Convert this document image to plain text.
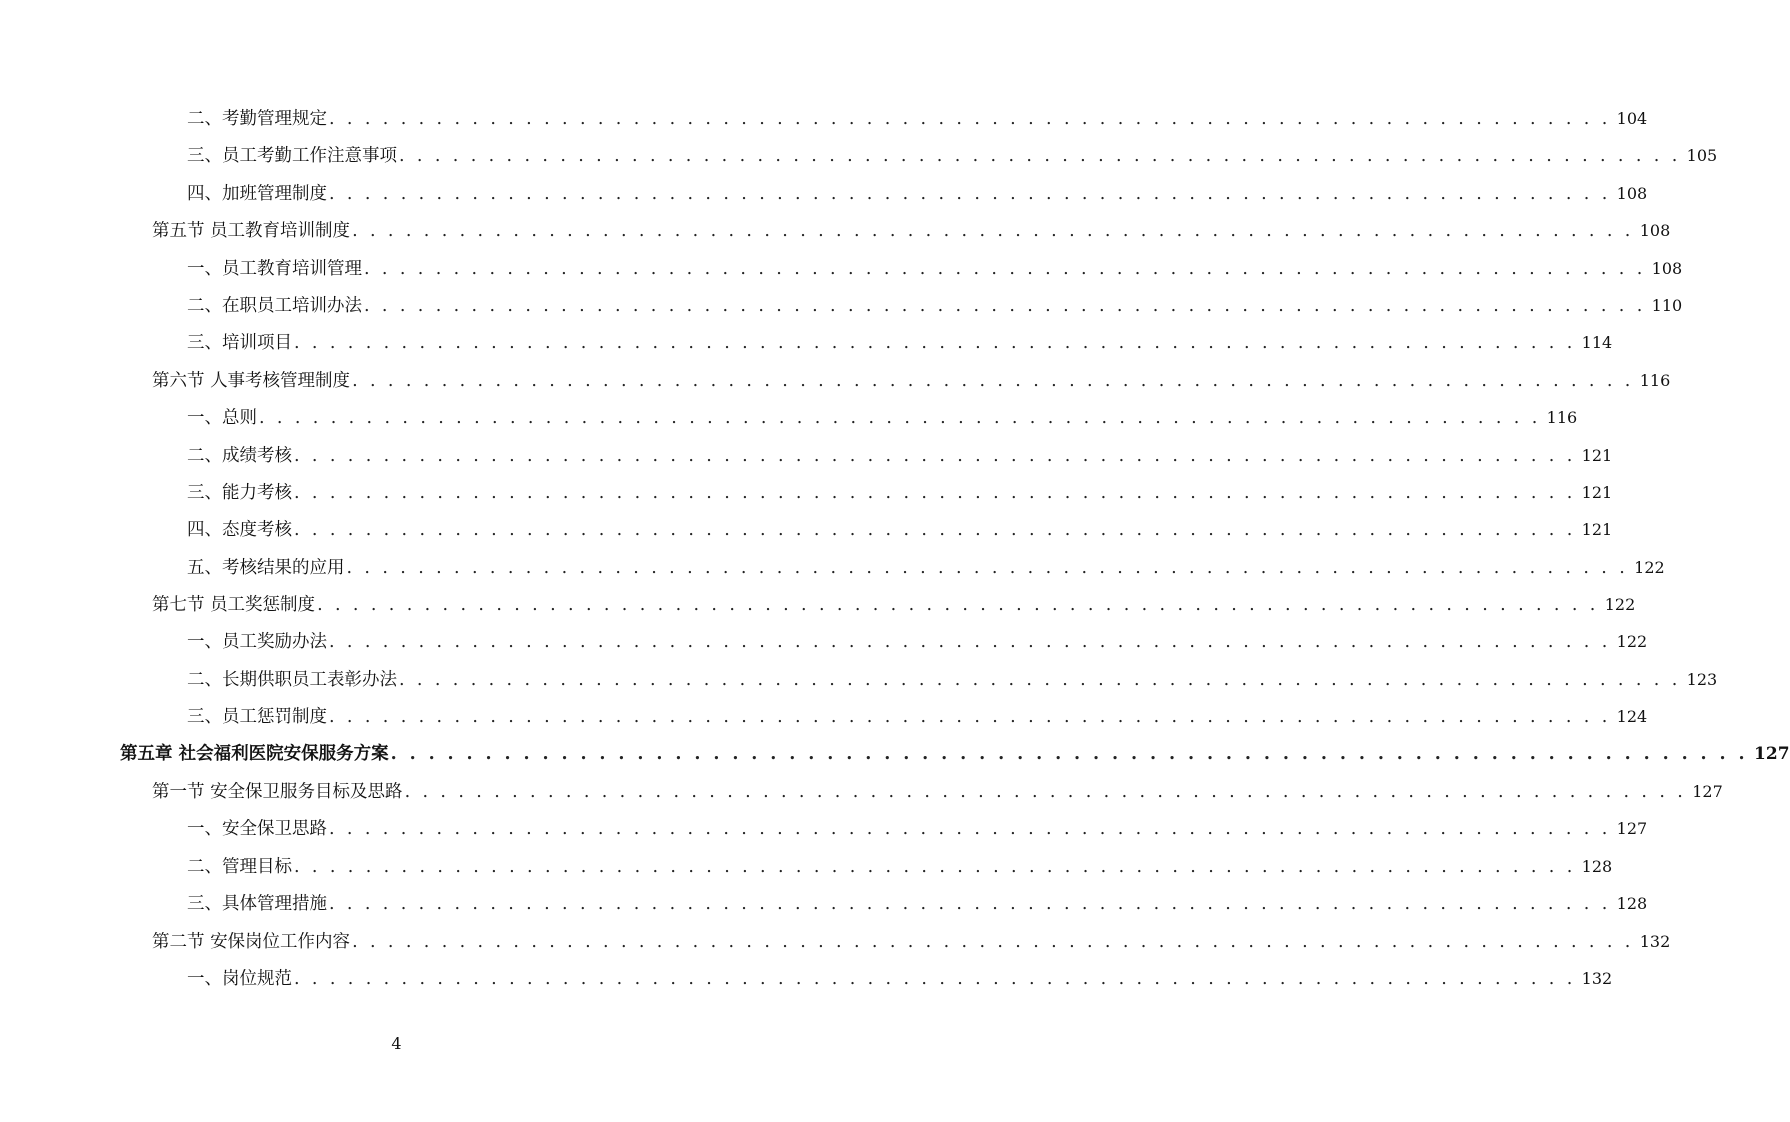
二、考勤管理规定 . . . . . . . . . . . . . . . . . . . . . . . . . . . . . . . . . . . . . . . . . . . . . . . . . . . . . . . . . . . . . . . . . . . . . . . . 104
三、员工考勤工作注意事项 . . . . . . . . . . . . . . . . . . . . . . . . . . . . . . . . . . . . . . . . . . . . . . . . . . . . . . . . . . . . . . . . . . . . . . . . 105
四、加班管理制度 . . . . . . . . . . . . . . . . . . . . . . . . . . . . . . . . . . . . . . . . . . . . . . . . . . . . . . . . . . . . . . . . . . . . . . . . 108
第五节 员工教育培训制度 . . . . . . . . . . . . . . . . . . . . . . . . . . . . . . . . . . . . . . . . . . . . . . . . . . . . . . . . . . . . . . . . . . . . . . . . 108
一、员工教育培训管理 . . . . . . . . . . . . . . . . . . . . . . . . . . . . . . . . . . . . . . . . . . . . . . . . . . . . . . . . . . . . . . . . . . . . . . . . 108
二、在职员工培训办法 . . . . . . . . . . . . . . . . . . . . . . . . . . . . . . . . . . . . . . . . . . . . . . . . . . . . . . . . . . . . . . . . . . . . . . . . 110
三、培训项目 . . . . . . . . . . . . . . . . . . . . . . . . . . . . . . . . . . . . . . . . . . . . . . . . . . . . . . . . . . . . . . . . . . . . . . . . 114
第六节 人事考核管理制度 . . . . . . . . . . . . . . . . . . . . . . . . . . . . . . . . . . . . . . . . . . . . . . . . . . . . . . . . . . . . . . . . . . . . . . . . 116
一、总则 . . . . . . . . . . . . . . . . . . . . . . . . . . . . . . . . . . . . . . . . . . . . . . . . . . . . . . . . . . . . . . . . . . . . . . . . 116
二、成绩考核 . . . . . . . . . . . . . . . . . . . . . . . . . . . . . . . . . . . . . . . . . . . . . . . . . . . . . . . . . . . . . . . . . . . . . . . . 121
三、能力考核 . . . . . . . . . . . . . . . . . . . . . . . . . . . . . . . . . . . . . . . . . . . . . . . . . . . . . . . . . . . . . . . . . . . . . . . . 121
四、态度考核 . . . . . . . . . . . . . . . . . . . . . . . . . . . . . . . . . . . . . . . . . . . . . . . . . . . . . . . . . . . . . . . . . . . . . . . . 121
五、考核结果的应用 . . . . . . . . . . . . . . . . . . . . . . . . . . . . . . . . . . . . . . . . . . . . . . . . . . . . . . . . . . . . . . . . . . . . . . . . 122
第七节 员工奖惩制度 . . . . . . . . . . . . . . . . . . . . . . . . . . . . . . . . . . . . . . . . . . . . . . . . . . . . . . . . . . . . . . . . . . . . . . . . 122
一、员工奖励办法 . . . . . . . . . . . . . . . . . . . . . . . . . . . . . . . . . . . . . . . . . . . . . . . . . . . . . . . . . . . . . . . . . . . . . . . . 122
二、长期供职员工表彰办法 . . . . . . . . . . . . . . . . . . . . . . . . . . . . . . . . . . . . . . . . . . . . . . . . . . . . . . . . . . . . . . . . . . . . . . . . 123
三、员工惩罚制度 . . . . . . . . . . . . . . . . . . . . . . . . . . . . . . . . . . . . . . . . . . . . . . . . . . . . . . . . . . . . . . . . . . . . . . . . 124
第五章 社会福利医院安保服务方案 . . . . . . . . . . . . . . . . . . . . . . . . . . . . . . . . . . . . . . . . . . . . . . . . . . . . . . . . . . . . . . . . . . . . . . . . 127
第一节 安全保卫服务目标及思路 . . . . . . . . . . . . . . . . . . . . . . . . . . . . . . . . . . . . . . . . . . . . . . . . . . . . . . . . . . . . . . . . . . . . . . . . 127
一、安全保卫思路 . . . . . . . . . . . . . . . . . . . . . . . . . . . . . . . . . . . . . . . . . . . . . . . . . . . . . . . . . . . . . . . . . . . . . . . . 127
二、管理目标 . . . . . . . . . . . . . . . . . . . . . . . . . . . . . . . . . . . . . . . . . . . . . . . . . . . . . . . . . . . . . . . . . . . . . . . . 128
三、具体管理措施 . . . . . . . . . . . . . . . . . . . . . . . . . . . . . . . . . . . . . . . . . . . . . . . . . . . . . . . . . . . . . . . . . . . . . . . . 128
第二节 安保岗位工作内容 . . . . . . . . . . . . . . . . . . . . . . . . . . . . . . . . . . . . . . . . . . . . . . . . . . . . . . . . . . . . . . . . . . . . . . . . 132
一、岗位规范 . . . . . . . . . . . . . . . . . . . . . . . . . . . . . . . . . . . . . . . . . . . . . . . . . . . . . . . . . . . . . . . . . . . . . . . . 132
4
